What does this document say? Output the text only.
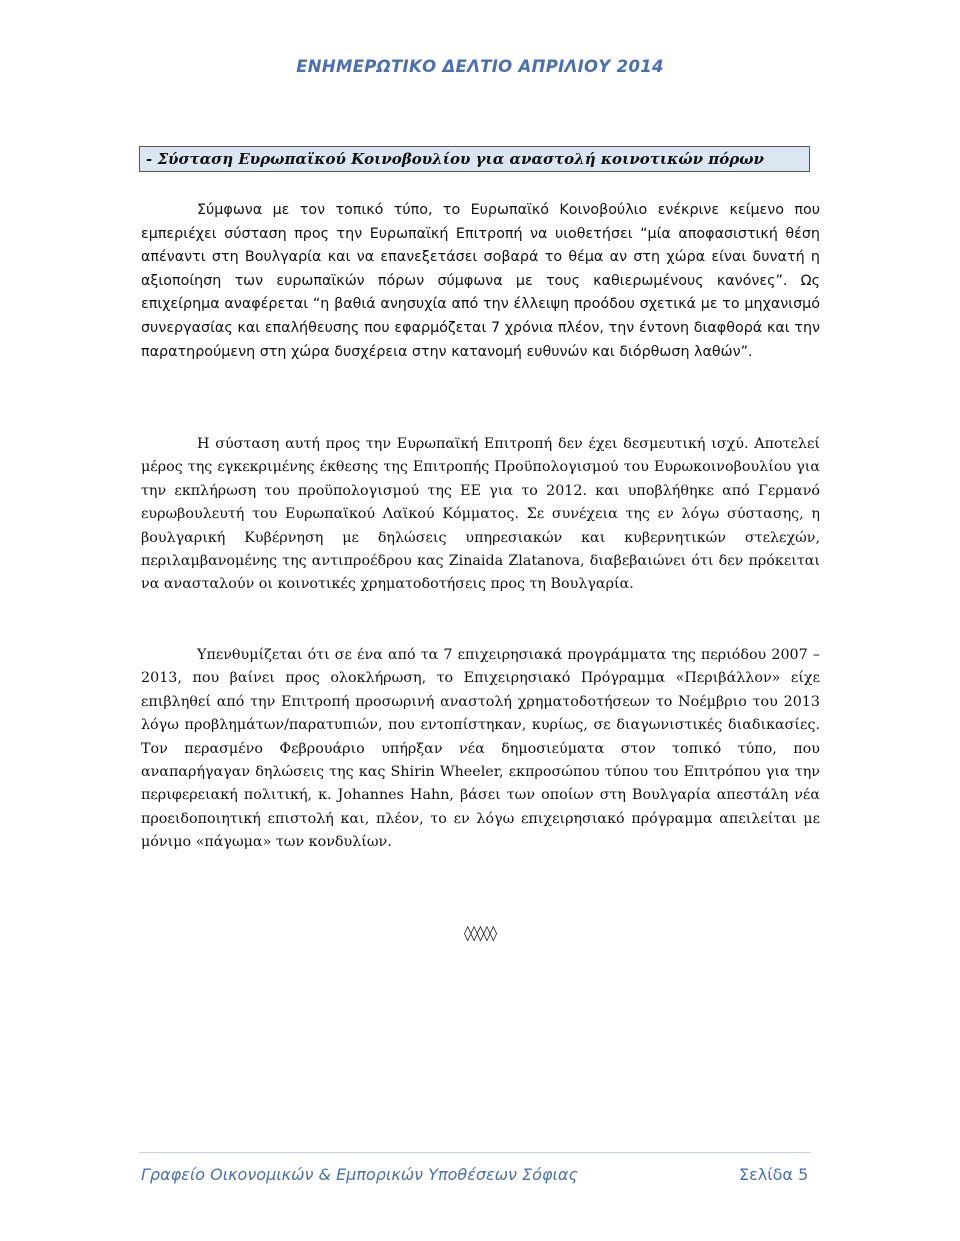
ΕΝΗΜΕΡΩΤΙΚΟ ΔΕΛΤΙΟ ΑΠΡΙΛΙΟΥ 2014
- Σύσταση Ευρωπαϊκού Κοινοβουλίου για αναστολή κοινοτικών πόρων

Σύμφωνα με τον τοπικό τύπο, το Ευρωπαϊκό Κοινοβούλιο ενέκρινε κείμενο που εμπεριέχει σύσταση προς την Ευρωπαϊκή Επιτροπή να υιοθετήσει “μία αποφασιστική θέση απέναντι στη Βουλγαρία και να επανεξετάσει σοβαρά το θέμα αν στη χώρα είναι δυνατή η αξιοποίηση των ευρωπαϊκών πόρων σύμφωνα με τους καθιερωμένους κανόνες”. Ως επιχείρημα αναφέρεται “η βαθιά ανησυχία από την έλλειψη προόδου σχετικά με το μηχανισμό συνεργασίας και επαλήθευσης που εφαρμόζεται 7 χρόνια πλέον, την έντονη διαφθορά και την παρατηρούμενη στη χώρα δυσχέρεια στην κατανομή ευθυνών και διόρθωση λαθών”.

Η σύσταση αυτή προς την Ευρωπαϊκή Επιτροπή δεν έχει δεσμευτική ισχύ. Αποτελεί μέρος της εγκεκριμένης έκθεσης της Επιτροπής Προϋπολογισμού του Ευρωκοινοβουλίου για την εκπλήρωση του προϋπολογισμού της ΕΕ για το 2012. και υποβλήθηκε από Γερμανό ευρωβουλευτή του Ευρωπαϊκού Λαϊκού Κόμματος. Σε συνέχεια της εν λόγω σύστασης, η βουλγαρική Κυβέρνηση με δηλώσεις υπηρεσιακών και κυβερνητικών στελεχών, περιλαμβανομένης της αντιπροέδρου κας Zinaida Zlatanova, διαβεβαιώνει ότι δεν πρόκειται να ανασταλούν οι κοινοτικές χρηματοδοτήσεις προς τη Βουλγαρία.

Υπενθυμίζεται ότι σε ένα από τα 7 επιχειρησιακά προγράμματα της περιόδου 2007 – 2013, που βαίνει προς ολοκλήρωση, το Επιχειρησιακό Πρόγραμμα «Περιβάλλον» είχε επιβληθεί από την Επιτροπή προσωρινή αναστολή χρηματοδοτήσεων το Νοέμβριο του 2013 λόγω προβλημάτων/παρατυπιών, που εντοπίστηκαν, κυρίως, σε διαγωνιστικές διαδικασίες. Τον περασμένο Φεβρουάριο υπήρξαν νέα δημοσιεύματα στον τοπικό τύπο, που αναπαρήγαγαν δηλώσεις της κας Shirin Wheeler, εκπροσώπου τύπου του Επιτρόπου για την περιφερειακή πολιτική, κ. Johannes Hahn, βάσει των οποίων στη Βουλγαρία απεστάλη νέα προειδοποιητική επιστολή και, πλέον, το εν λόγω επιχειρησιακό πρόγραμμα απειλείται με μόνιμο «πάγωμα» των κονδυλίων.

◊◊◊◊◊
Γραφείο Οικονομικών & Εμπορικών Υποθέσεων Σόφιας	Σελίδα 5
